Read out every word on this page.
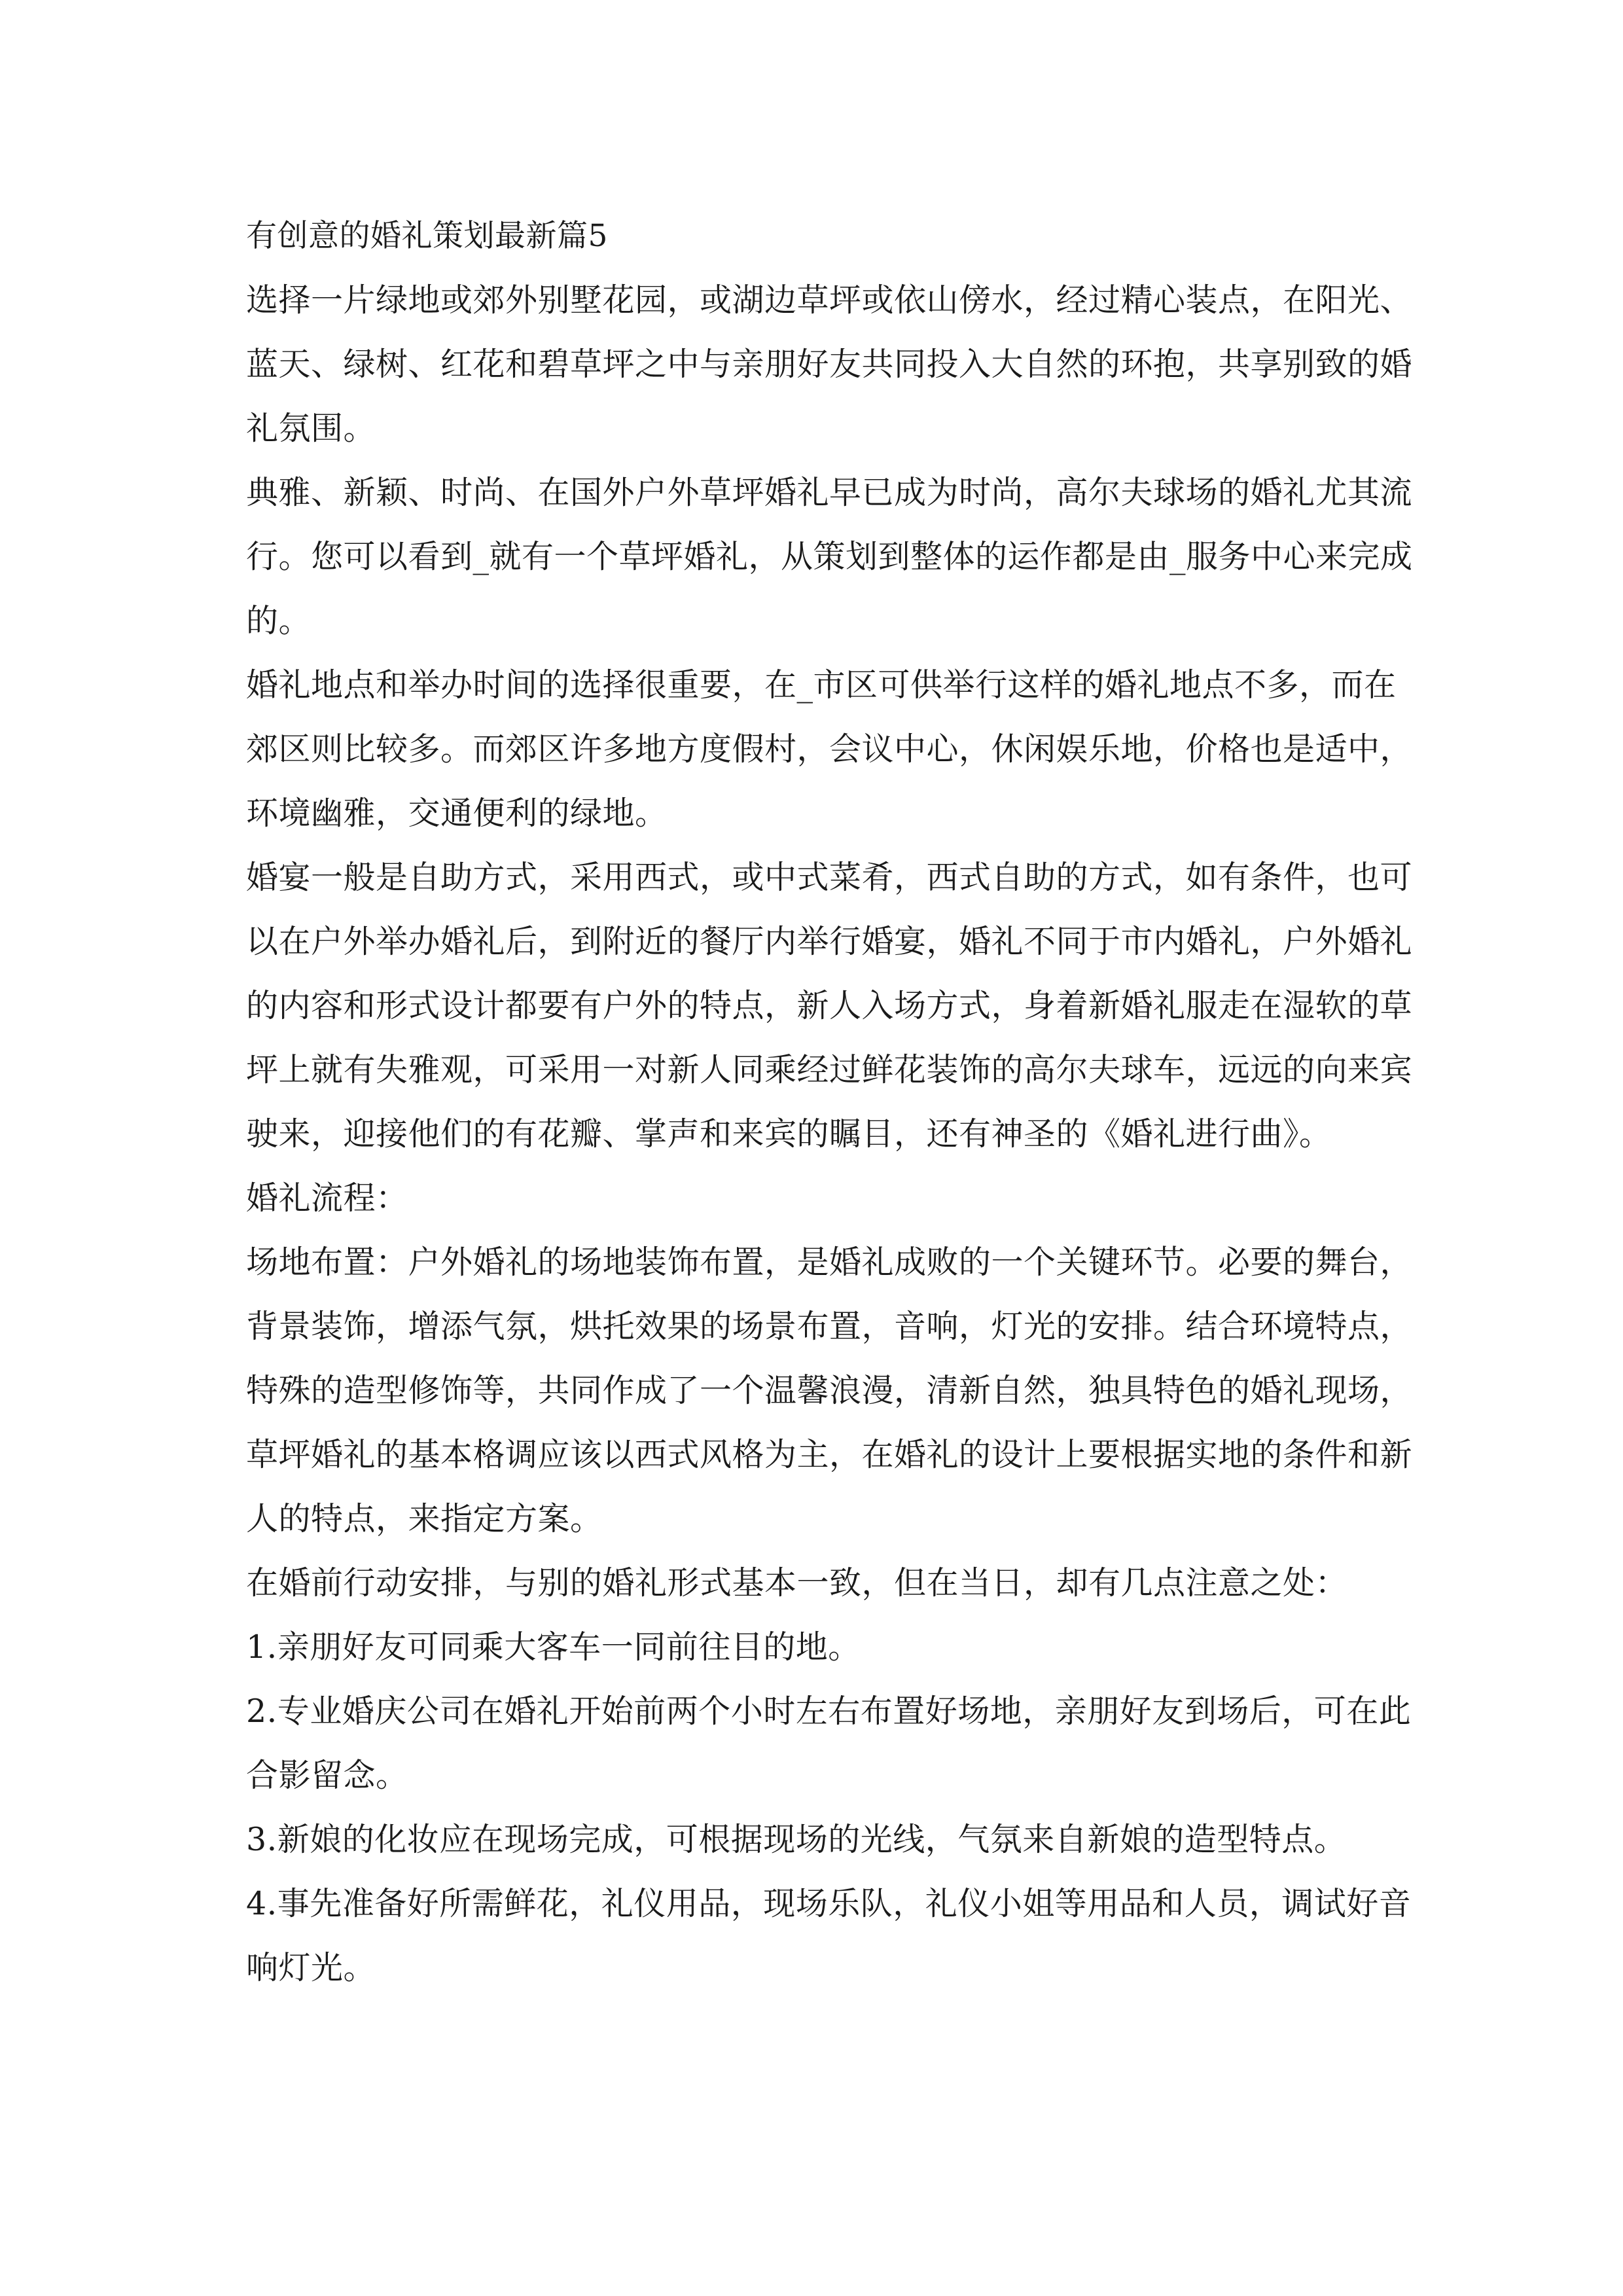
有创意的婚礼策划最新篇5

选择一片绿地或郊外别墅花园，或湖边草坪或依山傍水，经过精心装点，在阳光、蓝天、绿树、红花和碧草坪之中与亲朋好友共同投入大自然的环抱，共享别致的婚礼氛围。

典雅、新颖、时尚、在国外户外草坪婚礼早已成为时尚，高尔夫球场的婚礼尤其流行。您可以看到_就有一个草坪婚礼，从策划到整体的运作都是由_服务中心来完成的。

婚礼地点和举办时间的选择很重要，在_市区可供举行这样的婚礼地点不多，而在郊区则比较多。而郊区许多地方度假村，会议中心，休闲娱乐地，价格也是适中，环境幽雅，交通便利的绿地。

婚宴一般是自助方式，采用西式，或中式菜肴，西式自助的方式，如有条件，也可以在户外举办婚礼后，到附近的餐厅内举行婚宴，婚礼不同于市内婚礼，户外婚礼的内容和形式设计都要有户外的特点，新人入场方式，身着新婚礼服走在湿软的草坪上就有失雅观，可采用一对新人同乘经过鲜花装饰的高尔夫球车，远远的向来宾驶来，迎接他们的有花瓣、掌声和来宾的瞩目，还有神圣的《婚礼进行曲》。

婚礼流程：

场地布置：户外婚礼的场地装饰布置，是婚礼成败的一个关键环节。必要的舞台，背景装饰，增添气氛，烘托效果的场景布置，音响，灯光的安排。结合环境特点，特殊的造型修饰等，共同作成了一个温馨浪漫，清新自然，独具特色的婚礼现场，草坪婚礼的基本格调应该以西式风格为主，在婚礼的设计上要根据实地的条件和新人的特点，来指定方案。

在婚前行动安排，与别的婚礼形式基本一致，但在当日，却有几点注意之处：

1.亲朋好友可同乘大客车一同前往目的地。

2.专业婚庆公司在婚礼开始前两个小时左右布置好场地，亲朋好友到场后，可在此合影留念。

3.新娘的化妆应在现场完成，可根据现场的光线，气氛来自新娘的造型特点。

4.事先准备好所需鲜花，礼仪用品，现场乐队，礼仪小姐等用品和人员，调试好音响灯光。
